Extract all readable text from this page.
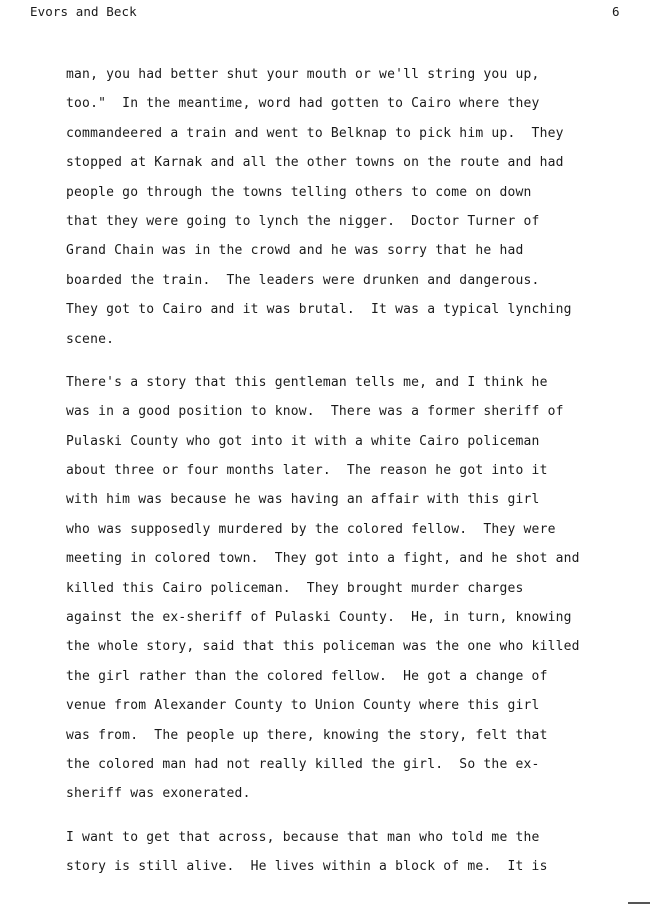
Evors and Beck	6
man, you had better shut your mouth or we'll string you up,
too."  In the meantime, word had gotten to Cairo where they
commandeered a train and went to Belknap to pick him up.  They
stopped at Karnak and all the other towns on the route and had
people go through the towns telling others to come on down
that they were going to lynch the nigger.  Doctor Turner of
Grand Chain was in the crowd and he was sorry that he had
boarded the train.  The leaders were drunken and dangerous.
They got to Cairo and it was brutal.  It was a typical lynching
scene.
There's a story that this gentleman tells me, and I think he
was in a good position to know.  There was a former sheriff of
Pulaski County who got into it with a white Cairo policeman
about three or four months later.  The reason he got into it
with him was because he was having an affair with this girl
who was supposedly murdered by the colored fellow.  They were
meeting in colored town.  They got into a fight, and he shot and
killed this Cairo policeman.  They brought murder charges
against the ex-sheriff of Pulaski County.  He, in turn, knowing
the whole story, said that this policeman was the one who killed
the girl rather than the colored fellow.  He got a change of
venue from Alexander County to Union County where this girl
was from.  The people up there, knowing the story, felt that
the colored man had not really killed the girl.  So the ex-
sheriff was exonerated.
I want to get that across, because that man who told me the
story is still alive.  He lives within a block of me.  It is
